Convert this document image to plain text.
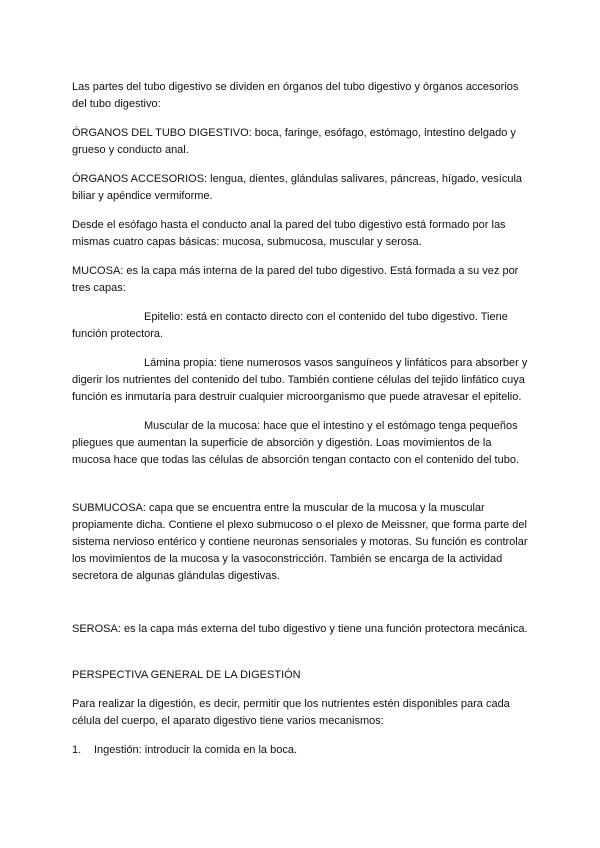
Las partes del tubo digestivo se dividen en órganos del tubo digestivo y órganos accesorios del tubo digestivo:

ÓRGANOS DEL TUBO DIGESTIVO: boca, faringe, esófago, estómago, intestino delgado y grueso y conducto anal.

ÓRGANOS ACCESORIOS: lengua, dientes, glándulas salivares, páncreas, hígado, vesícula biliar y apéndice vermiforme.

Desde el esófago hasta el conducto anal la pared del tubo digestivo está formado por las mismas cuatro capas básicas: mucosa, submucosa, muscular y serosa.

MUCOSA: es la capa más interna de la pared del tubo digestivo. Está formada a su vez por tres capas:

Epitelio: está en contacto directo con el contenido del tubo digestivo. Tiene función protectora.

Lámina propia: tiene numerosos vasos sanguíneos y linfáticos para absorber y digerir los nutrientes del contenido del tubo. También contiene células del tejido linfático cuya función es inmutaría para destruir cualquier microorganismo que puede atravesar el epitelio.

Muscular de la mucosa: hace que el intestino y el estómago tenga pequeños pliegues que aumentan la superficie de absorción y digestión. Loas movimientos de la mucosa hace que todas las células de absorción tengan contacto con el contenido del tubo.

SUBMUCOSA: capa que se encuentra entre la muscular de la mucosa y la muscular propiamente dicha. Contiene el plexo submucoso o el plexo de Meissner, que forma parte del sistema nervioso entérico y contiene neuronas sensoriales y motoras. Su función es controlar los movimientos de la mucosa y la vasoconstricción. También se encarga de la actividad secretora de algunas glándulas digestivas.

SEROSA: es la capa más externa del tubo digestivo y tiene una función protectora mecánica.

PERSPECTIVA GENERAL DE LA DIGESTIÓN

Para realizar la digestión, es decir, permitir que los nutrientes estén disponibles para cada célula del cuerpo, el aparato digestivo tiene varios mecanismos:

1.	Ingestión: introducir la comida en la boca.
